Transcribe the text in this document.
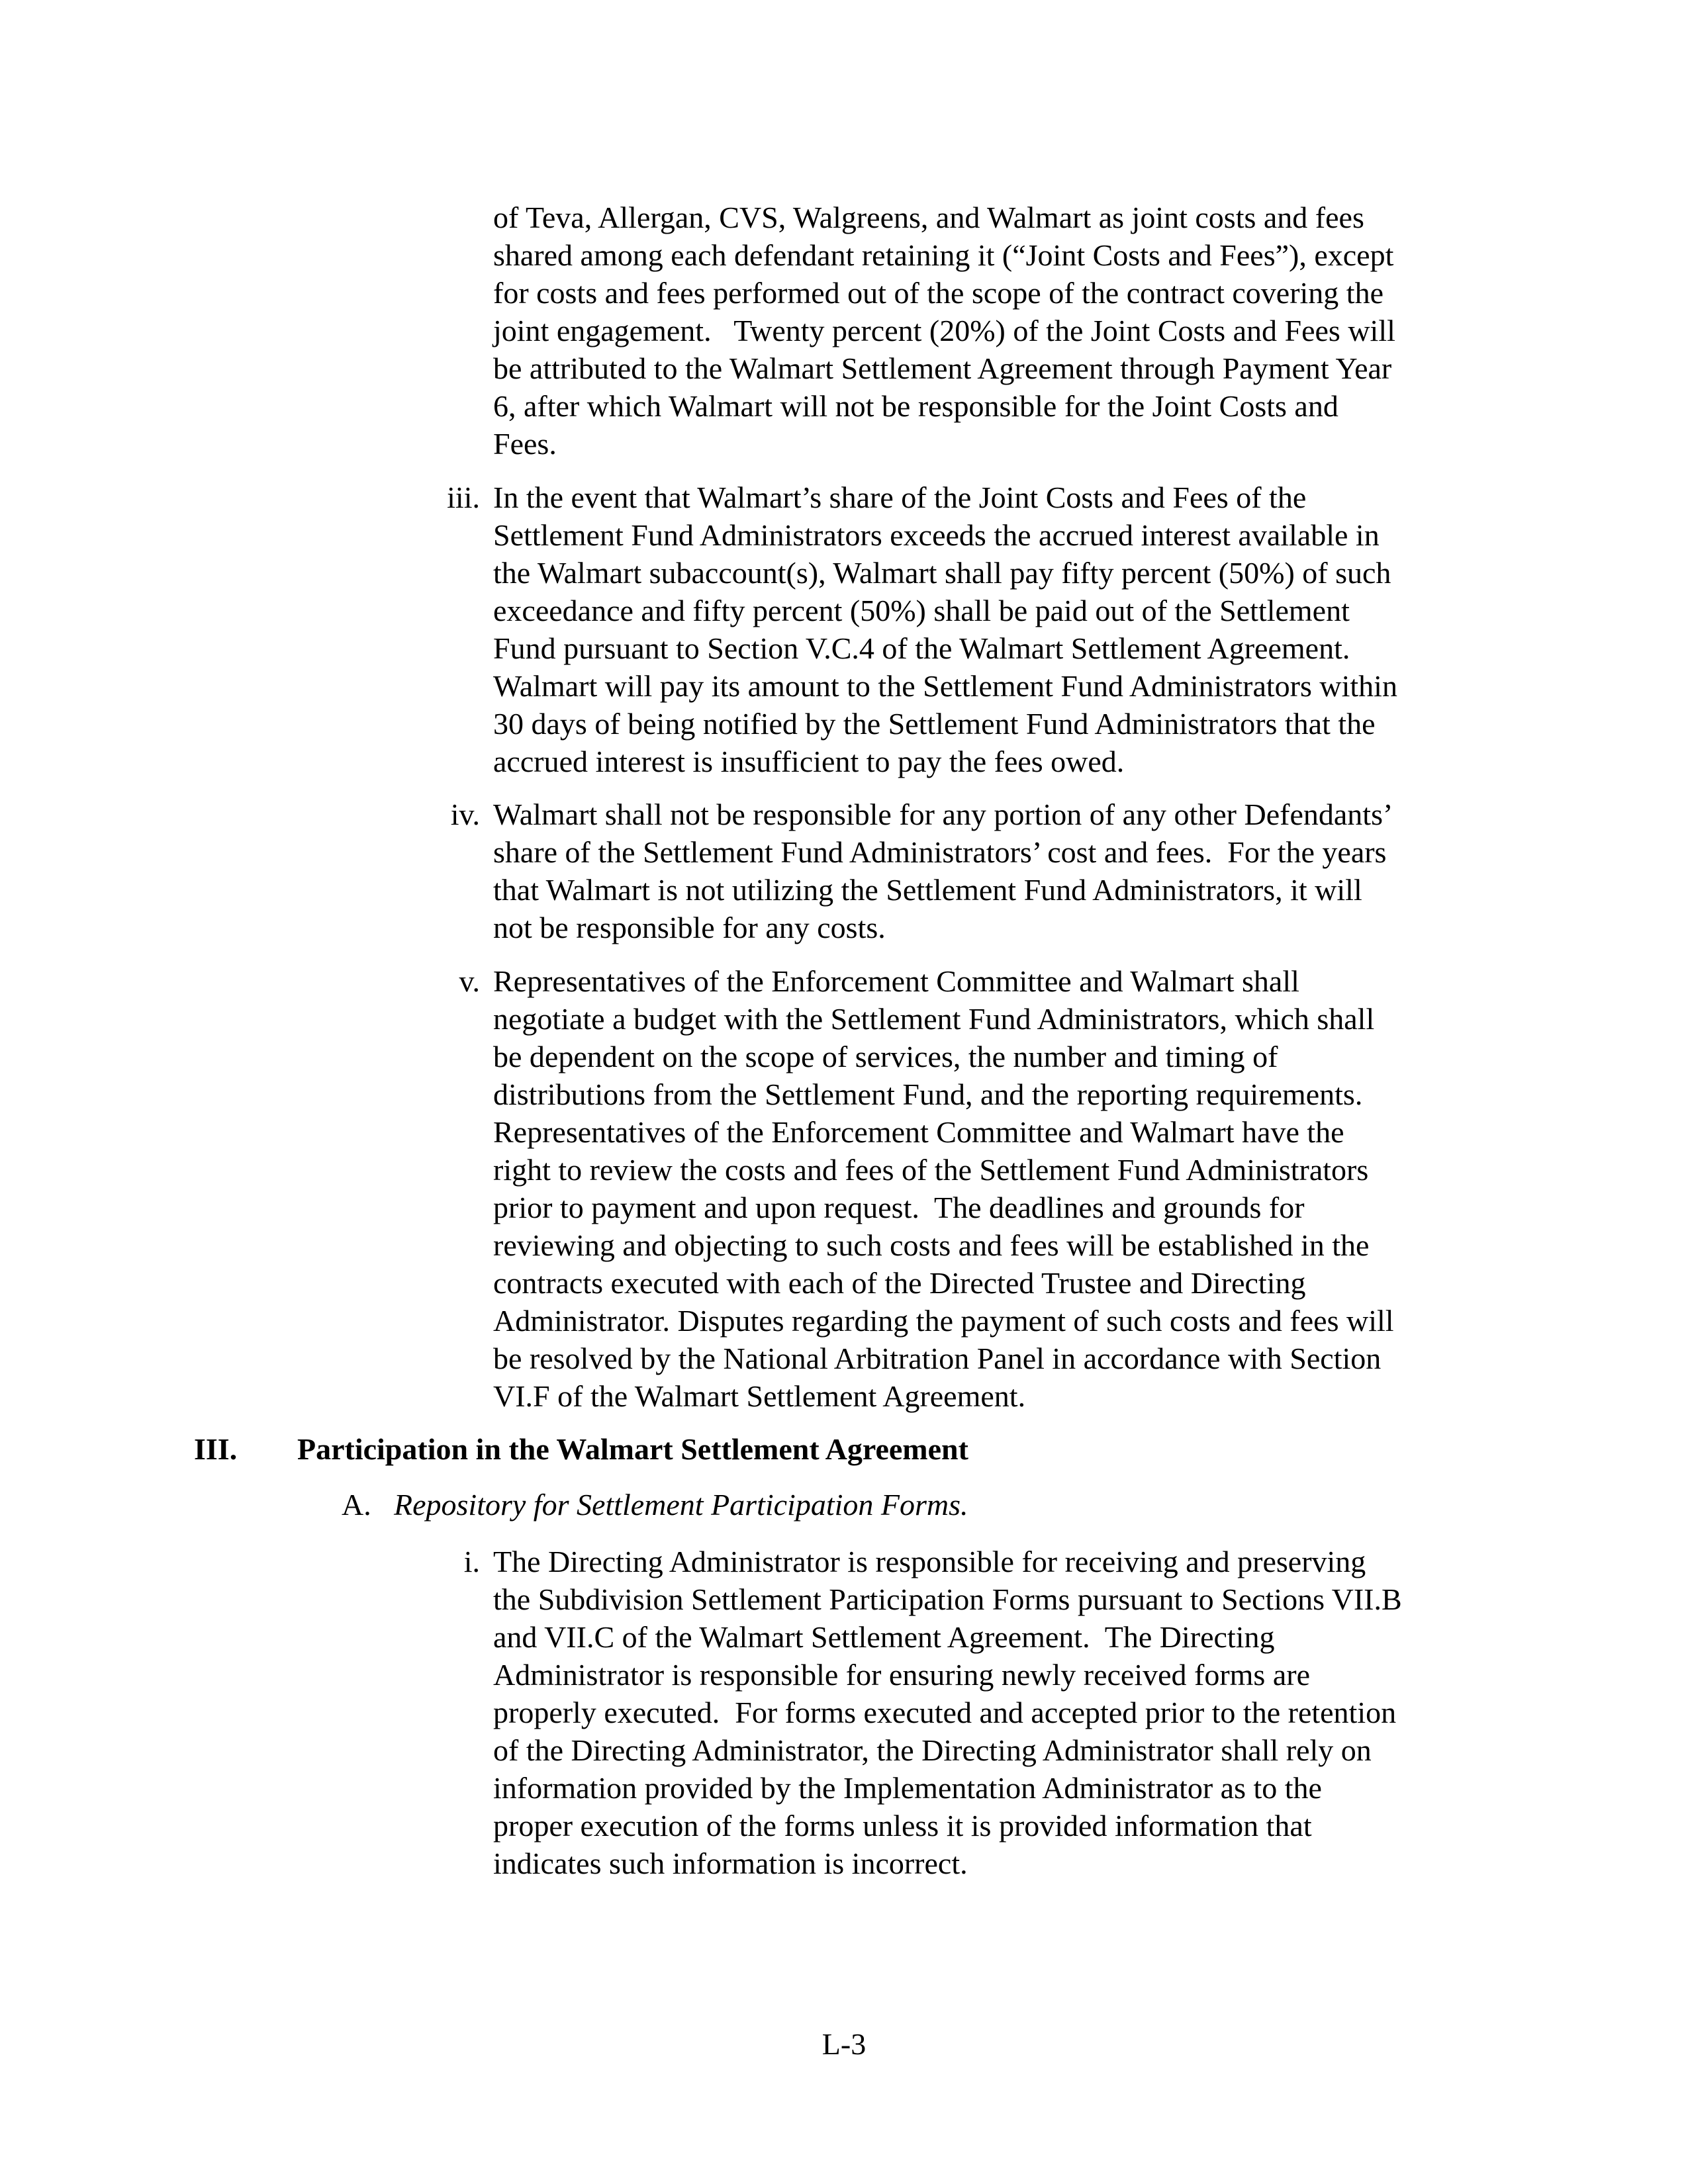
of Teva, Allergan, CVS, Walgreens, and Walmart as joint costs and fees
shared among each defendant retaining it (“Joint Costs and Fees”), except
for costs and fees performed out of the scope of the contract covering the
joint engagement.   Twenty percent (20%) of the Joint Costs and Fees will
be attributed to the Walmart Settlement Agreement through Payment Year
6, after which Walmart will not be responsible for the Joint Costs and
Fees.
iii. In the event that Walmart’s share of the Joint Costs and Fees of the
Settlement Fund Administrators exceeds the accrued interest available in
the Walmart subaccount(s), Walmart shall pay fifty percent (50%) of such
exceedance and fifty percent (50%) shall be paid out of the Settlement
Fund pursuant to Section V.C.4 of the Walmart Settlement Agreement.
Walmart will pay its amount to the Settlement Fund Administrators within
30 days of being notified by the Settlement Fund Administrators that the
accrued interest is insufficient to pay the fees owed.
iv. Walmart shall not be responsible for any portion of any other Defendants’
share of the Settlement Fund Administrators’ cost and fees.  For the years
that Walmart is not utilizing the Settlement Fund Administrators, it will
not be responsible for any costs.
v. Representatives of the Enforcement Committee and Walmart shall
negotiate a budget with the Settlement Fund Administrators, which shall
be dependent on the scope of services, the number and timing of
distributions from the Settlement Fund, and the reporting requirements.
Representatives of the Enforcement Committee and Walmart have the
right to review the costs and fees of the Settlement Fund Administrators
prior to payment and upon request.  The deadlines and grounds for
reviewing and objecting to such costs and fees will be established in the
contracts executed with each of the Directed Trustee and Directing
Administrator. Disputes regarding the payment of such costs and fees will
be resolved by the National Arbitration Panel in accordance with Section
VI.F of the Walmart Settlement Agreement.
III. Participation in the Walmart Settlement Agreement
A. Repository for Settlement Participation Forms.
i. The Directing Administrator is responsible for receiving and preserving
the Subdivision Settlement Participation Forms pursuant to Sections VII.B
and VII.C of the Walmart Settlement Agreement.  The Directing
Administrator is responsible for ensuring newly received forms are
properly executed.  For forms executed and accepted prior to the retention
of the Directing Administrator, the Directing Administrator shall rely on
information provided by the Implementation Administrator as to the
proper execution of the forms unless it is provided information that
indicates such information is incorrect.
L-3
